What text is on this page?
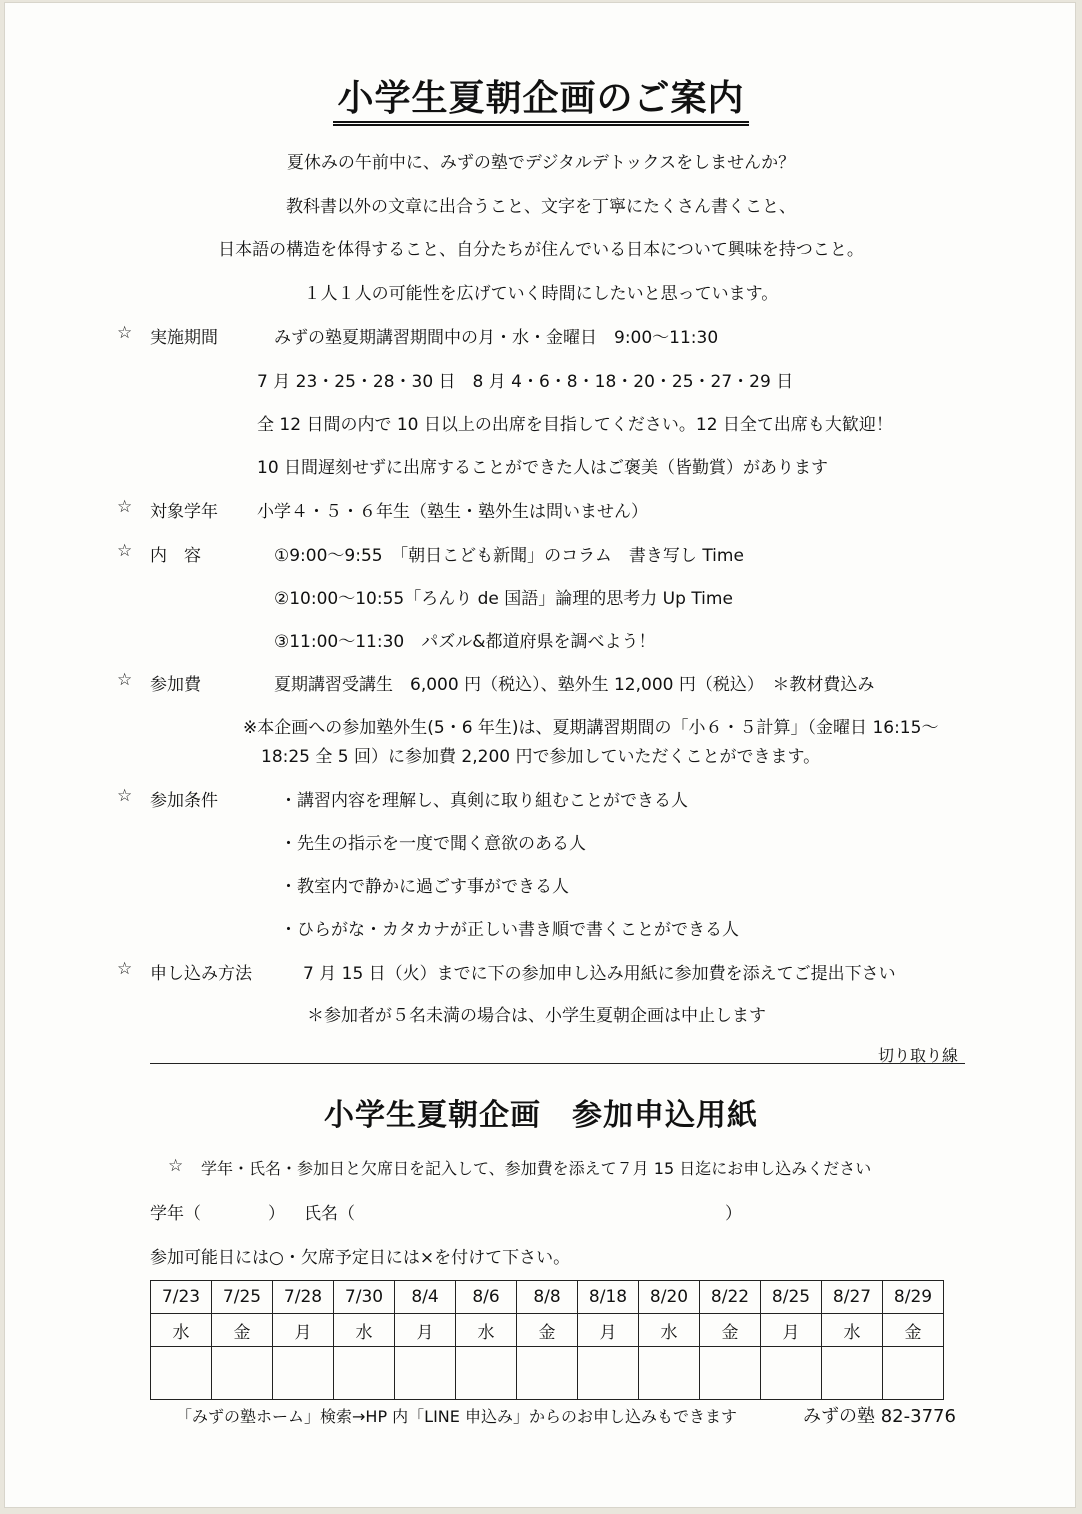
小学生夏朝企画のご案内
夏休みの午前中に、みずの塾でデジタルデトックスをしませんか？
教科書以外の文章に出合うこと、文字を丁寧にたくさん書くこと、
日本語の構造を体得すること、自分たちが住んでいる日本について興味を持つこと。
１人１人の可能性を広げていく時間にしたいと思っています。
☆ 実施期間	みずの塾夏期講習期間中の月・水・金曜日　9:00～11:30
7 月 23・25・28・30 日　8 月 4・6・8・18・20・25・27・29 日
全 12 日間の内で 10 日以上の出席を目指してください。12 日全て出席も大歓迎！
10 日間遅刻せずに出席することができた人はご褒美（皆勤賞）があります
☆ 対象学年 小学４・５・６年生（塾生・塾外生は問いません）
☆ 内　容	①9:00～9:55　「朝日こども新聞」のコラム　書き写し Time
②10:00～10:55「ろんり de 国語」論理的思考力 Up Time
③11:00～11:30　パズル&都道府県を調べよう！
☆ 参加費	夏期講習受講生　6,000 円（税込）、塾外生 12,000 円（税込）　＊教材費込み
※本企画への参加塾外生(5・6 年生)は、夏期講習期間の「小６・５計算」（金曜日 16:15～
18:25 全 5 回）に参加費 2,200 円で参加していただくことができます。
☆ 参加条件	・講習内容を理解し、真剣に取り組むことができる人
・先生の指示を一度で聞く意欲のある人
・教室内で静かに過ごす事ができる人
・ひらがな・カタカナが正しい書き順で書くことができる人
☆ 申し込み方法	7 月 15 日（火）までに下の参加申し込み用紙に参加費を添えてご提出下さい
＊参加者が５名未満の場合は、小学生夏朝企画は中止します
切り取り線
小学生夏朝企画　参加申込用紙
☆ 学年・氏名・参加日と欠席日を記入して、参加費を添えて７月 15 日迄にお申し込みください
学年（	） 氏名（	）
参加可能日には○・欠席予定日には×を付けて下さい。
7/23	7/25	7/28	7/30	8/4	8/6	8/8	8/18	8/20	8/22	8/25	8/27	8/29
水	金	月	水	月	水	金	月	水	金	月	水	金

「みずの塾ホーム」検索→HP 内「LINE 申込み」からのお申し込みもできます	みずの塾 82-3776
